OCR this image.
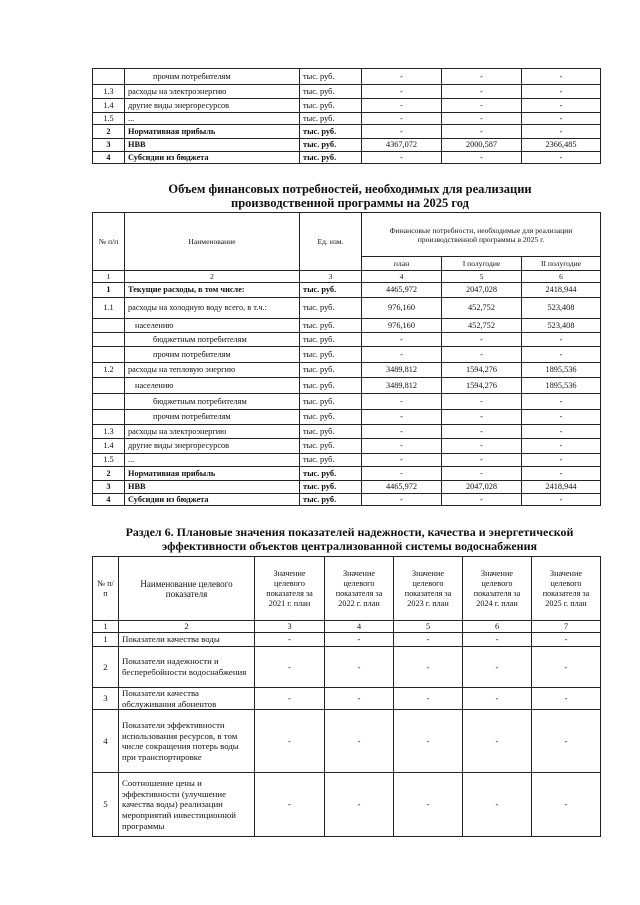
	прочим потребителям	тыс. руб.	-	-	-
1.3	расходы на электроэнергию	тыс. руб.	-	-	-
1.4	другие виды энергоресурсов	тыс. руб.	-	-	-
1.5	...	тыс. руб.	-	-	-
2	Нормативная прибыль	тыс. руб.	-	-	-
3	НВВ	тыс. руб.	4367,072	2000,587	2366,485
4	Субсидии из бюджета	тыс. руб.	-	-	-
Объем финансовых потребностей, необходимых для реализации производственной программы на 2025 год
№ п/п	Наименование	Ед. изм.	Финансовые потребности, необходимые для реализации производственной программы в 2025 г.		
			план	I полугодие	II полугодие
1	2	3	4	5	6
1	Текущие расходы, в том числе:	тыс. руб.	4465,972	2047,028	2418,944
1.1	расходы на холодную воду всего, в т.ч.:	тыс. руб.	976,160	452,752	523,408
	населению	тыс. руб.	976,160	452,752	523,408
	бюджетным потребителям	тыс. руб.	-	-	-
	прочим потребителям	тыс. руб.	-	-	-
1.2	расходы на тепловую энергию	тыс. руб.	3489,812	1594,276	1895,536
	населению	тыс. руб.	3489,812	1594,276	1895,536
	бюджетным потребителям	тыс. руб.	-	-	-
	прочим потребителям	тыс. руб.	-	-	-
1.3	расходы на электроэнергию	тыс. руб.	-	-	-
1.4	другие виды энергоресурсов	тыс. руб.	-	-	-
1.5	...	тыс. руб.	-	-	-
2	Нормативная прибыль	тыс. руб.	-	-	-
3	НВВ	тыс. руб.	4465,972	2047,028	2418,944
4	Субсидии из бюджета	тыс. руб.	-	-	-
Раздел 6. Плановые значения показателей надежности, качества и энергетической эффективности объектов централизованной системы водоснабжения
№ п/ п	Наименование целевого показателя	Значение целевого показателя за 2021 г. план	Значение целевого показателя за 2022 г. план	Значение целевого показателя за 2023 г. план	Значение целевого показателя за 2024 г. план	Значение целевого показателя за 2025 г. план
1	2	3	4	5	6	7
1	Показатели качества воды	-	-	-	-	-
2	Показатели надежности и бесперебойности водоснабжения	-	-	-	-	-
3	Показатели качества обслуживания абонентов	-	-	-	-	-
4	Показатели эффективности использования ресурсов, в том числе сокращения потерь воды при транспортировке	-	-	-	-	-
5	Соотношение цены и эффективности (улучшение качества воды) реализации мероприятий инвестиционной программы	-	-	-	-	-
